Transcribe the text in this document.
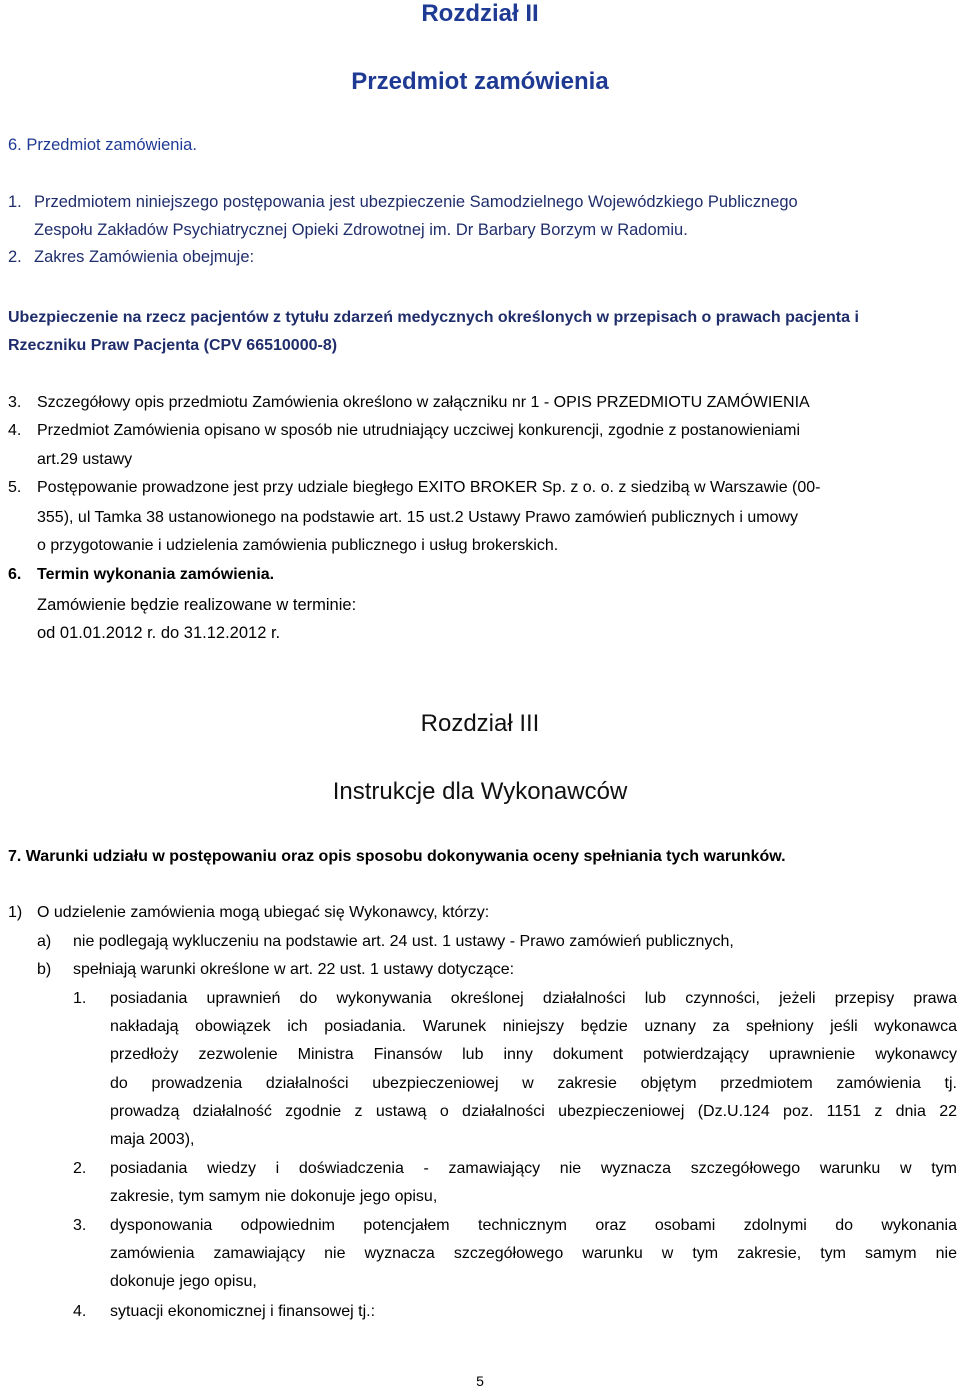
Rozdział II
Przedmiot zamówienia
6. Przedmiot zamówienia.
1. Przedmiotem niniejszego postępowania jest ubezpieczenie Samodzielnego Wojewódzkiego Publicznego
Zespołu Zakładów Psychiatrycznej Opieki Zdrowotnej im. Dr Barbary Borzym w Radomiu.
2. Zakres Zamówienia obejmuje:
Ubezpieczenie na rzecz pacjentów z tytułu zdarzeń medycznych określonych w przepisach o prawach pacjenta i
Rzeczniku Praw Pacjenta (CPV 66510000-8)
3. Szczegółowy opis przedmiotu Zamówienia określono w załączniku nr 1 - OPIS PRZEDMIOTU ZAMÓWIENIA
4. Przedmiot Zamówienia opisano w sposób nie utrudniający uczciwej konkurencji, zgodnie z postanowieniami
art.29 ustawy
5. Postępowanie prowadzone jest przy udziale biegłego EXITO BROKER Sp. z o. o. z siedzibą w Warszawie (00-
355), ul Tamka 38 ustanowionego na podstawie art. 15 ust.2 Ustawy Prawo zamówień publicznych i umowy
o przygotowanie i udzielenia zamówienia publicznego i usług brokerskich.
6. Termin wykonania zamówienia.
Zamówienie będzie realizowane w terminie:
od 01.01.2012 r. do 31.12.2012 r.
Rozdział III
Instrukcje dla Wykonawców
7. Warunki udziału w postępowaniu oraz opis sposobu dokonywania oceny spełniania tych warunków.
1) O udzielenie zamówienia mogą ubiegać się Wykonawcy, którzy:
a) nie podlegają wykluczeniu na podstawie art. 24 ust. 1 ustawy - Prawo zamówień publicznych,
b) spełniają warunki określone w art. 22 ust. 1 ustawy dotyczące:
1. posiadania uprawnień do wykonywania określonej działalności lub czynności, jeżeli przepisy prawa
nakładają obowiązek ich posiadania. Warunek niniejszy będzie uznany za spełniony jeśli wykonawca
przedłoży zezwolenie Ministra Finansów lub inny dokument potwierdzający uprawnienie wykonawcy
do prowadzenia działalności ubezpieczeniowej w zakresie objętym przedmiotem zamówienia tj.
prowadzą działalność zgodnie z ustawą o działalności ubezpieczeniowej (Dz.U.124 poz. 1151 z dnia 22
maja 2003),
2. posiadania wiedzy i doświadczenia - zamawiający nie wyznacza szczegółowego warunku w tym
zakresie, tym samym nie dokonuje jego opisu,
3. dysponowania odpowiednim potencjałem technicznym oraz osobami zdolnymi do wykonania
zamówienia zamawiający nie wyznacza szczegółowego warunku w tym zakresie, tym samym nie
dokonuje jego opisu,
4. sytuacji ekonomicznej i finansowej tj.:
5
